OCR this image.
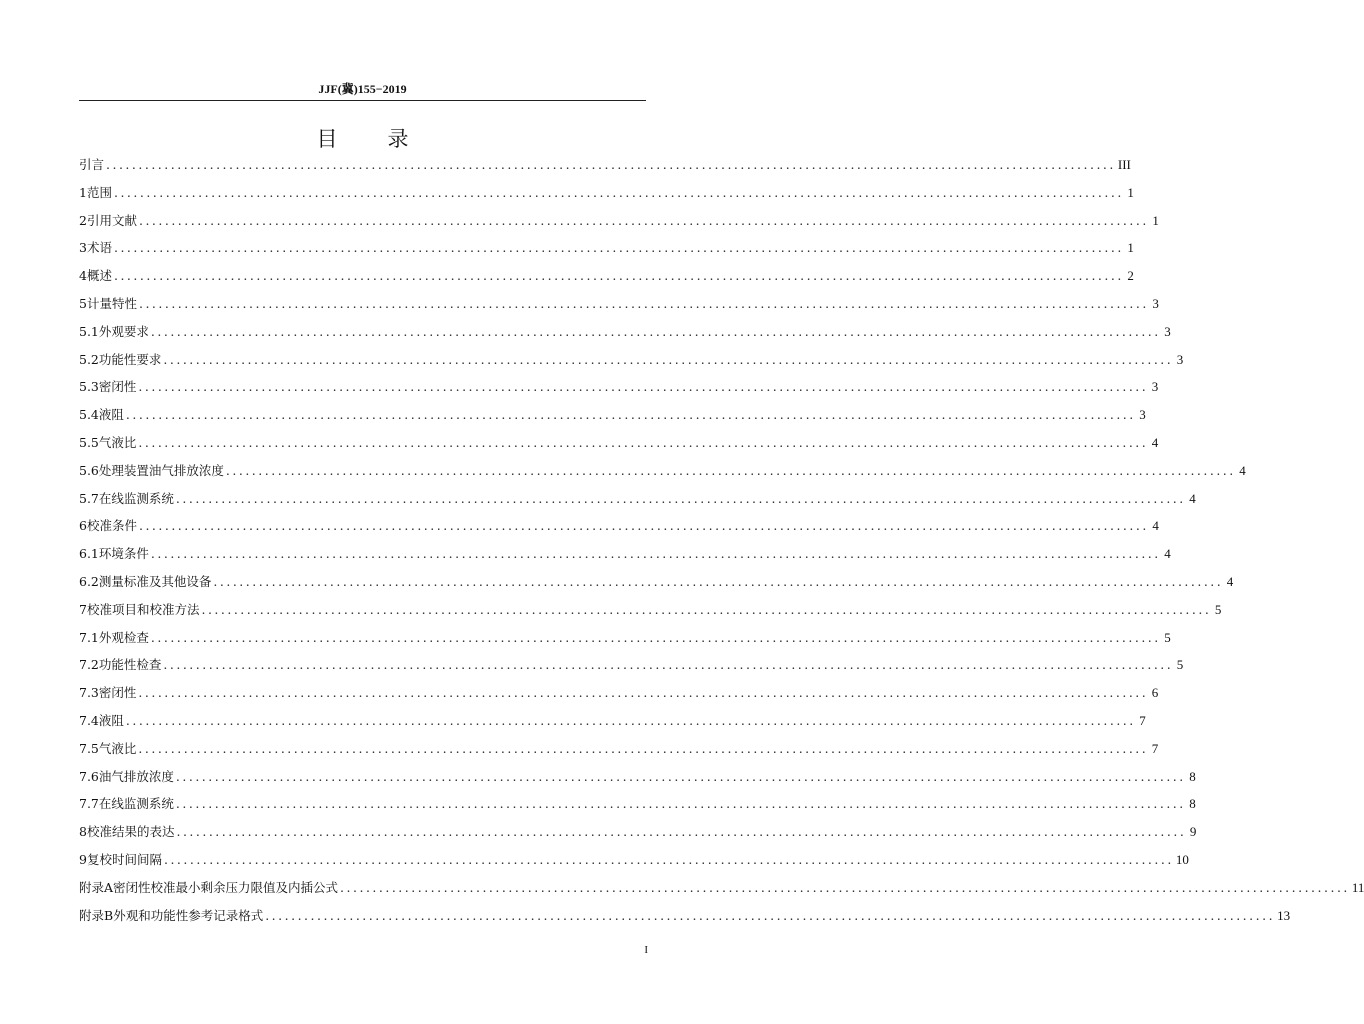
JJF(冀)155−2019
目录
引言 ............................................................................................................................................................ III
1 范围 ............................................................................................................................................................ 1
2 引用文献 ............................................................................................................................................................ 1
3 术语 ............................................................................................................................................................ 1
4 概述 ............................................................................................................................................................ 2
5 计量特性 ............................................................................................................................................................ 3
5.1 外观要求 ............................................................................................................................................................ 3
5.2 功能性要求 ............................................................................................................................................................ 3
5.3 密闭性 ............................................................................................................................................................ 3
5.4 液阻 ............................................................................................................................................................ 3
5.5 气液比 ............................................................................................................................................................ 4
5.6 处理装置油气排放浓度 ............................................................................................................................................................ 4
5.7 在线监测系统 ............................................................................................................................................................ 4
6 校准条件 ............................................................................................................................................................ 4
6.1 环境条件 ............................................................................................................................................................ 4
6.2 测量标准及其他设备 ............................................................................................................................................................ 4
7 校准项目和校准方法 ............................................................................................................................................................ 5
7.1 外观检查 ............................................................................................................................................................ 5
7.2 功能性检查 ............................................................................................................................................................ 5
7.3 密闭性 ............................................................................................................................................................ 6
7.4 液阻 ............................................................................................................................................................ 7
7.5 气液比 ............................................................................................................................................................ 7
7.6 油气排放浓度 ............................................................................................................................................................ 8
7.7 在线监测系统 ............................................................................................................................................................ 8
8 校准结果的表达 ............................................................................................................................................................ 9
9 复校时间间隔 ............................................................................................................................................................ 10
附录A 密闭性校准最小剩余压力限值及内插公式 ............................................................................................................................................................ 11
附录B 外观和功能性参考记录格式 ............................................................................................................................................................ 13
I
